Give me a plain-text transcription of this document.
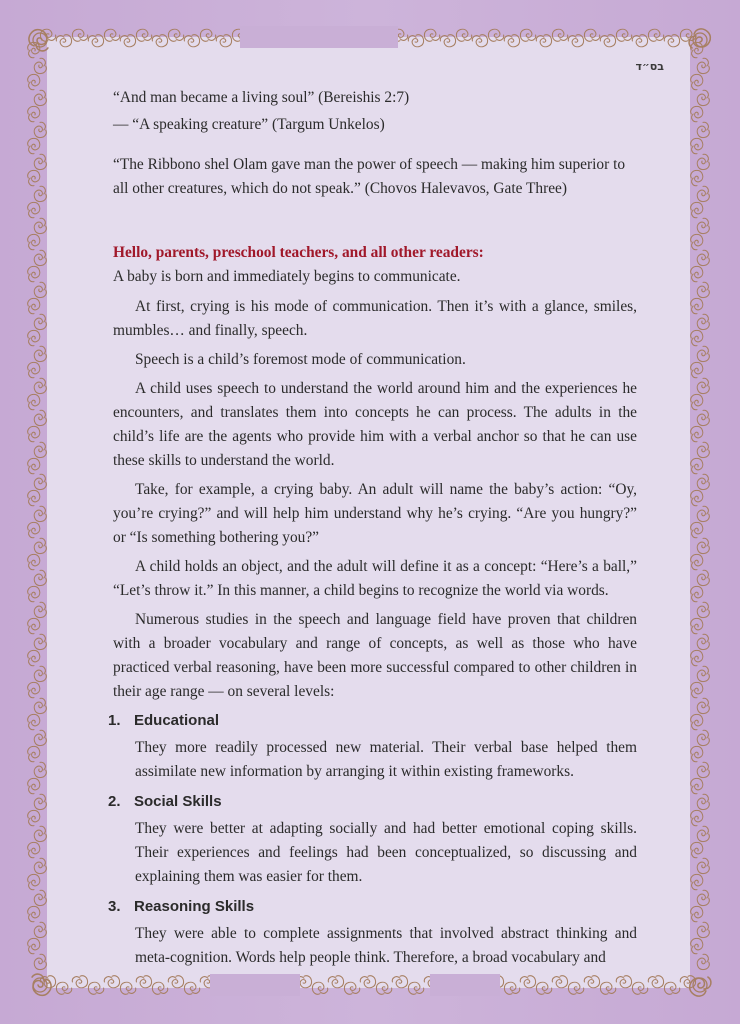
בס״ד

“And man became a living soul” (Bereishis 2:7)

— “A speaking creature” (Targum Unkelos)

“The Ribbono shel Olam gave man the power of speech — making him superior to all other creatures, which do not speak.” (Chovos Halevavos, Gate Three)

Hello, parents, preschool teachers, and all other readers:

A baby is born and immediately begins to communicate.

At first, crying is his mode of communication. Then it’s with a glance, smiles, mumbles… and finally, speech.

Speech is a child’s foremost mode of communication.

A child uses speech to understand the world around him and the experiences he encounters, and translates them into concepts he can process. The adults in the child’s life are the agents who provide him with a verbal anchor so that he can use these skills to understand the world.

Take, for example, a crying baby. An adult will name the baby’s action: “Oy, you’re crying?” and will help him understand why he’s crying. “Are you hungry?” or “Is something bothering you?”

A child holds an object, and the adult will define it as a concept: “Here’s a ball,” “Let’s throw it.” In this manner, a child begins to recognize the world via words.

Numerous studies in the speech and language field have proven that children with a broader vocabulary and range of concepts, as well as those who have practiced verbal reasoning, have been more successful compared to other children in their age range — on several levels:

1. Educational

They more readily processed new material. Their verbal base helped them assimilate new information by arranging it within existing frameworks.

2. Social Skills

They were better at adapting socially and had better emotional coping skills. Their experiences and feelings had been conceptualized, so discussing and explaining them was easier for them.

3. Reasoning Skills

They were able to complete assignments that involved abstract thinking and meta-cognition. Words help people think. Therefore, a broad vocabulary and
